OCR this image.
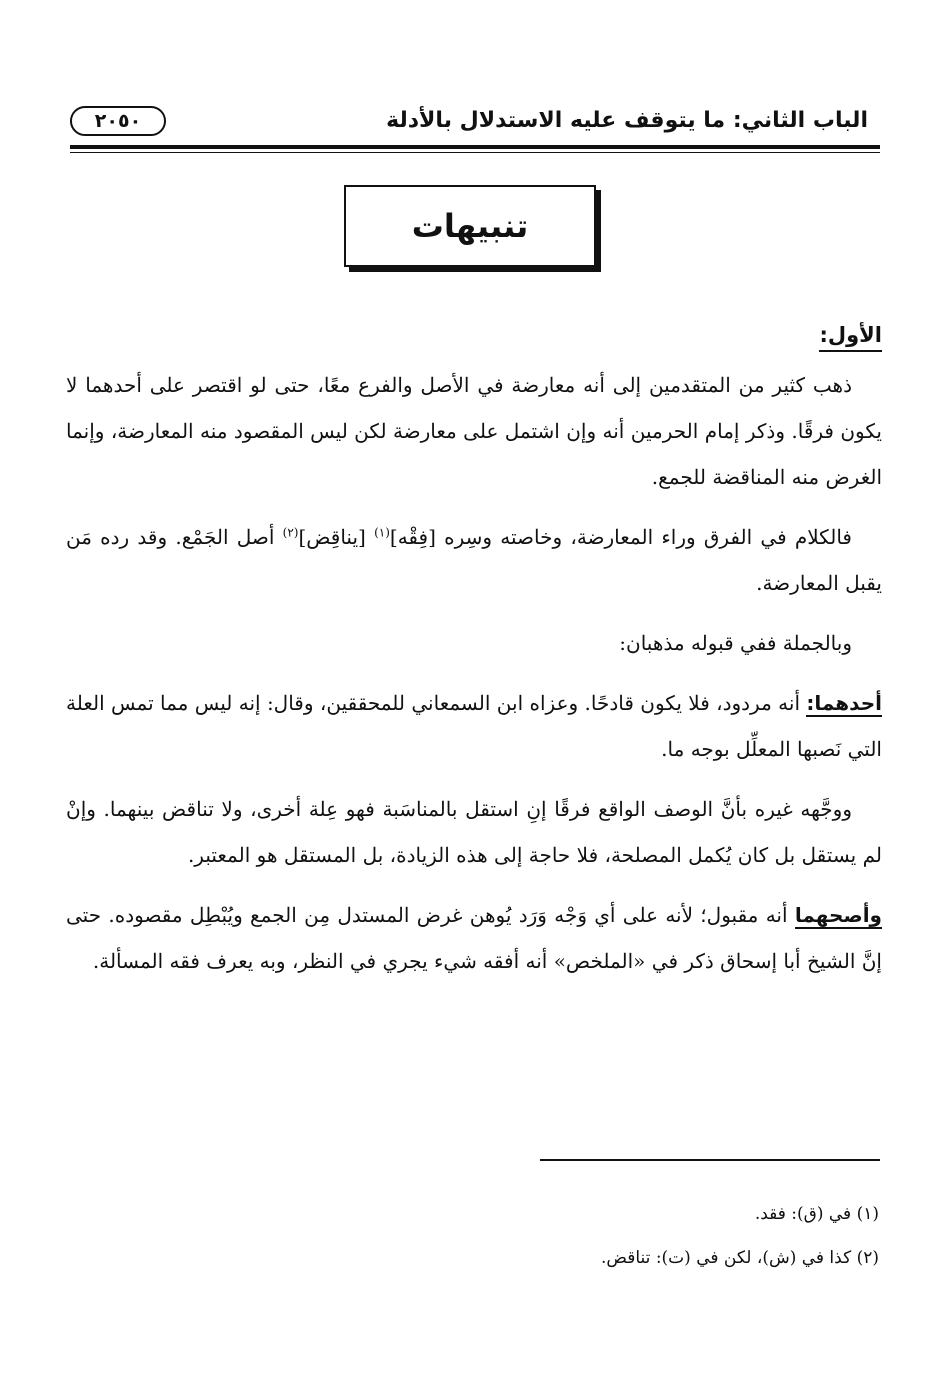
الباب الثاني: ما يتوقف عليه الاستدلال بالأدلة
٢٠٥٠
تنبيهات
الأول:

ذهب كثير من المتقدمين إلى أنه معارضة في الأصل والفرع معًا، حتى لو اقتصر على أحدهما لا يكون فرقًا. وذكر إمام الحرمين أنه وإن اشتمل على معارضة لكن ليس المقصود منه المعارضة، وإنما الغرض منه المناقضة للجمع.

فالكلام في الفرق وراء المعارضة، وخاصته وسِره [فِقْه]$^{(١)}$ [يناقِض]$^{(٢)}$ أصل الجَمْع. وقد رده مَن يقبل المعارضة.

وبالجملة ففي قبوله مذهبان:

أحدهما: أنه مردود، فلا يكون قادحًا. وعزاه ابن السمعاني للمحققين، وقال: إنه ليس مما تمس العلة التي نَصبها المعلِّل بوجه ما.

ووجَّهه غيره بأنَّ الوصف الواقع فرقًا إنِ استقل بالمناسَبة فهو عِلة أخرى، ولا تناقض بينهما. وإنْ لم يستقل بل كان يُكمل المصلحة، فلا حاجة إلى هذه الزيادة، بل المستقل هو المعتبر.

وأصحهما أنه مقبول؛ لأنه على أي وَجْه وَرَد يُوهن غرض المستدل مِن الجمع ويُبْطِل مقصوده. حتى إنَّ الشيخ أبا إسحاق ذكر في «الملخص» أنه أفقه شيء يجري في النظر، وبه يعرف فقه المسألة.

(١) في (ق): فقد.
(٢) كذا في (ش)، لكن في (ت): تناقض.
